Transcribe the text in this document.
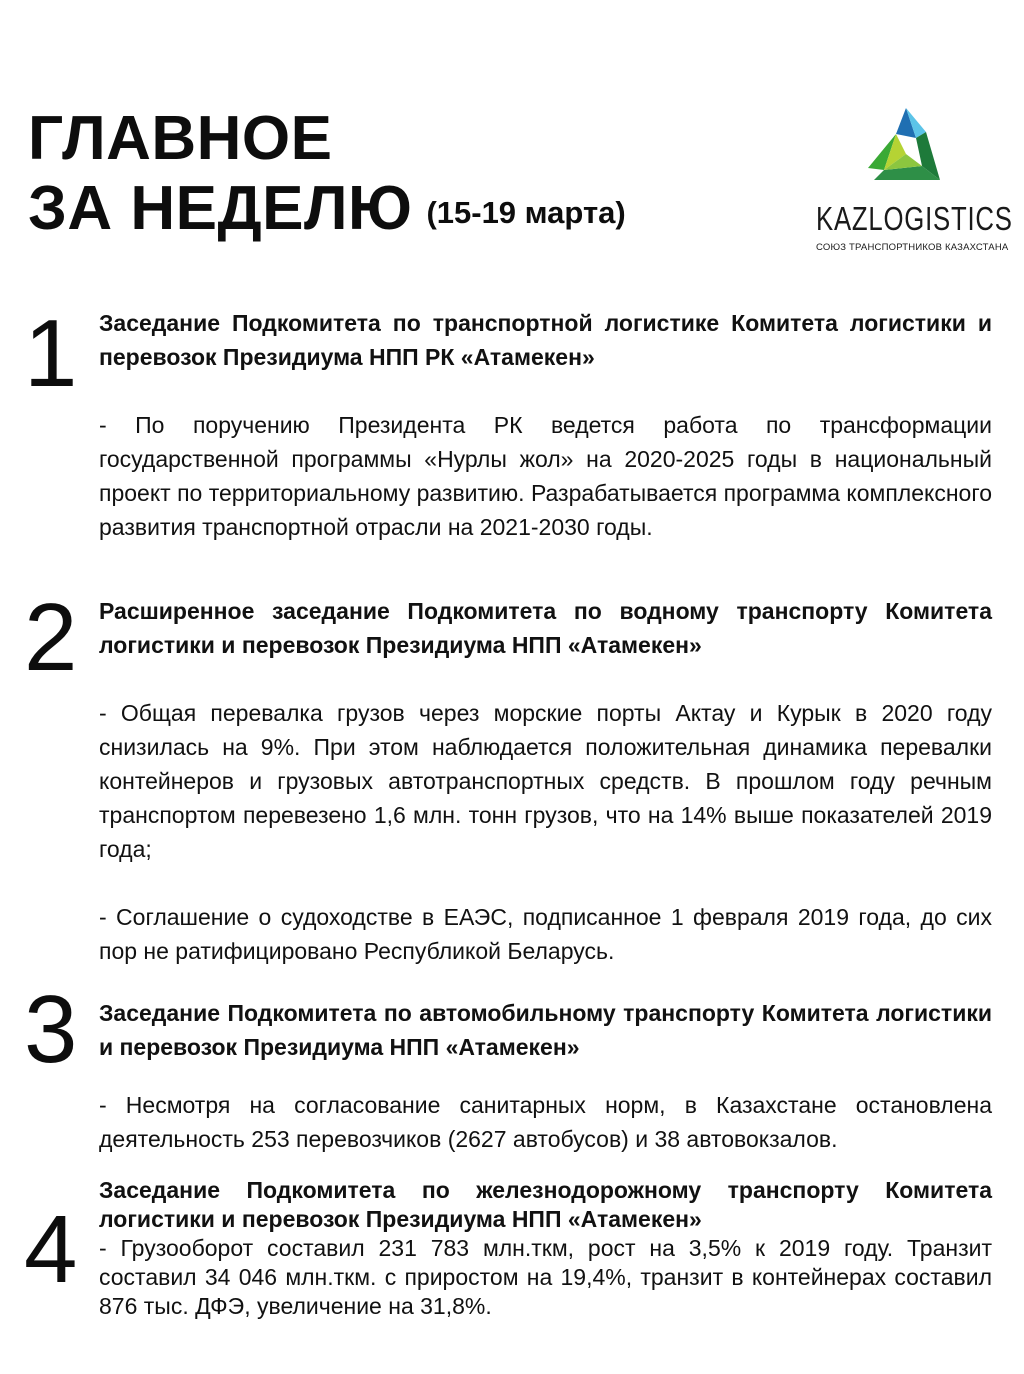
ГЛАВНОЕ
ЗА НЕДЕЛЮ (15-19 марта)	KAZLOGISTICS
СОЮЗ ТРАНСПОРТНИКОВ КАЗАХСТАНА
1 Заседание Подкомитета по транспортной логистике Комитета логистики и перевозок Президиума НПП РК «Атамекен»

- По поручению Президента РК ведется работа по трансформации государственной программы «Нурлы жол» на 2020-2025 годы в национальный проект по территориальному развитию. Разрабатывается программа комплексного развития транспортной отрасли на 2021-2030 годы.

2 Расширенное заседание Подкомитета по водному транспорту Комитета логистики и перевозок Президиума НПП «Атамекен»

- Общая перевалка грузов через морские порты Актау и Курык в 2020 году снизилась на 9%. При этом наблюдается положительная динамика перевалки контейнеров и грузовых автотранспортных средств. В прошлом году речным транспортом перевезено 1,6 млн. тонн грузов, что на 14% выше показателей 2019 года;

- Соглашение о судоходстве в ЕАЭС, подписанное 1 февраля 2019 года, до сих пор не ратифицировано Республикой Беларусь.

3 Заседание Подкомитета по автомобильному транспорту Комитета логистики и перевозок Президиума НПП «Атамекен»

- Несмотря на согласование санитарных норм, в Казахстане остановлена деятельность 253 перевозчиков (2627 автобусов) и 38 автовокзалов.

4

Заседание Подкомитета по железнодорожному транспорту Комитета логистики и перевозок Президиума НПП «Атамекен»

- Грузооборот составил 231 783 млн.ткм, рост на 3,5% к 2019 году. Транзит составил 34 046 млн.ткм. с приростом на 19,4%, транзит в контейнерах составил 876 тыс. ДФЭ, увеличение на 31,8%.
